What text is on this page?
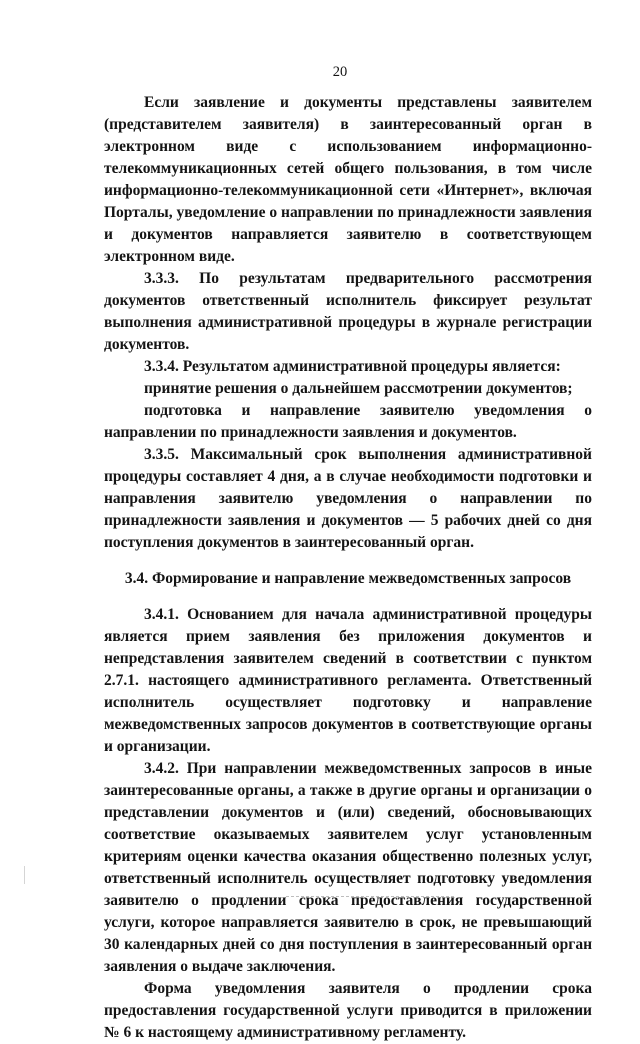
20

Если заявление и документы представлены заявителем (представителем заявителя) в заинтересованный орган в электронном виде с использованием информационно-телекоммуникационных сетей общего пользования, в том числе информационно-телекоммуникационной сети «Интернет», включая Порталы, уведомление о направлении по принадлежности заявления и документов направляется заявителю в соответствующем электронном виде.

3.3.3. По результатам предварительного рассмотрения документов ответственный исполнитель фиксирует результат выполнения административной процедуры в журнале регистрации документов.

3.3.4. Результатом административной процедуры является:

принятие решения о дальнейшем рассмотрении документов;

подготовка и направление заявителю уведомления о направлении по принадлежности заявления и документов.

3.3.5. Максимальный срок выполнения административной процедуры составляет 4 дня, а в случае необходимости подготовки и направления заявителю уведомления о направлении по принадлежности заявления и документов — 5 рабочих дней со дня поступления документов в заинтересованный орган.

3.4. Формирование и направление межведомственных запросов

3.4.1. Основанием для начала административной процедуры является прием заявления без приложения документов и непредставления заявителем сведений в соответствии с пунктом 2.7.1. настоящего административного регламента. Ответственный исполнитель осуществляет подготовку и направление межведомственных запросов документов в соответствующие органы и организации.

3.4.2. При направлении межведомственных запросов в иные заинтересованные органы, а также в другие органы и организации о представлении документов и (или) сведений, обосновывающих соответствие оказываемых заявителем услуг установленным критериям оценки качества оказания общественно полезных услуг, ответственный исполнитель осуществляет подготовку уведомления заявителю о продлении срока предоставления государственной услуги, которое направляется заявителю в срок, не превышающий 30 календарных дней со дня поступления в заинтересованный орган заявления о выдаче заключения.

Форма уведомления заявителя о продлении срока предоставления государственной услуги приводится в приложении № 6 к настоящему административному регламенту.
